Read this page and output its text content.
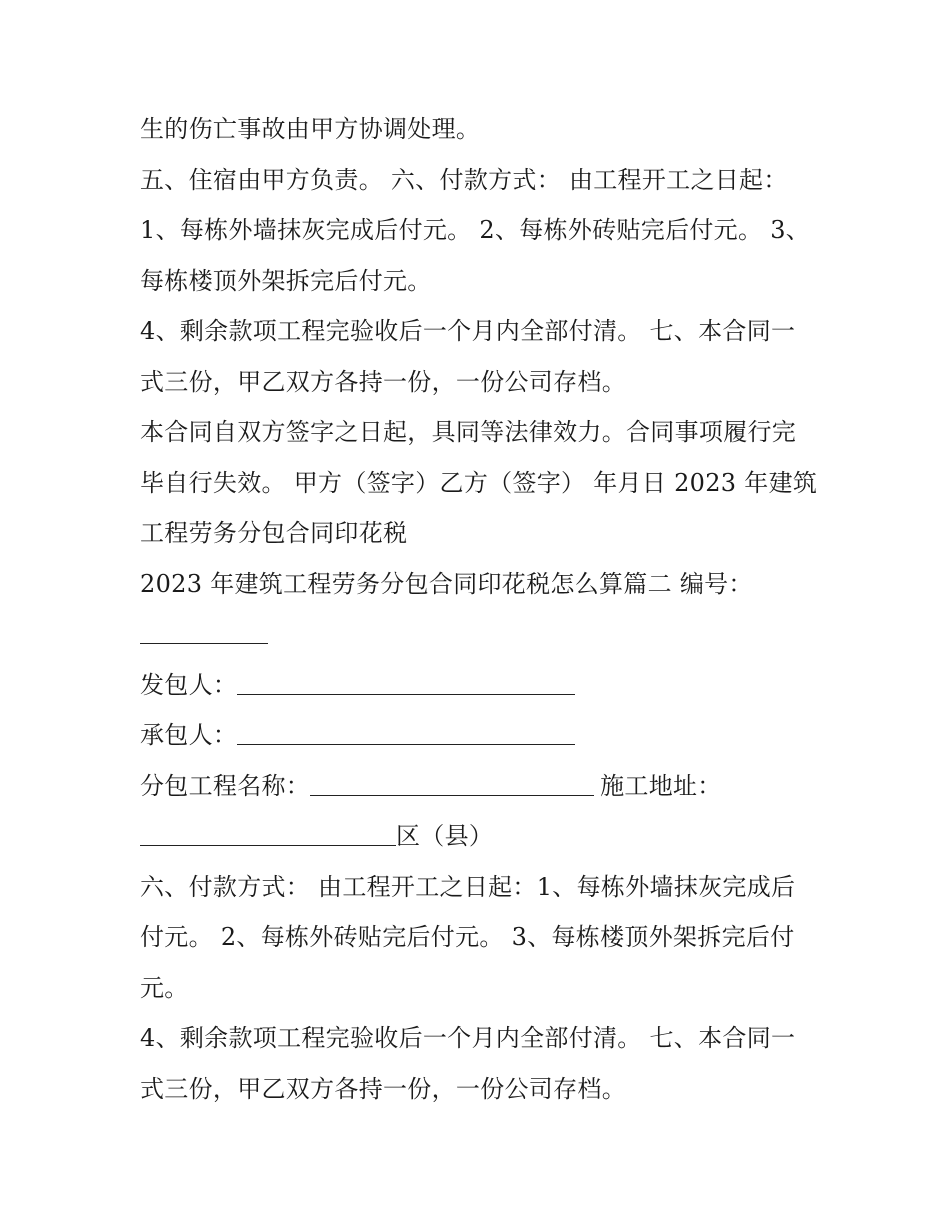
生的伤亡事故由甲方协调处理。
五、住宿由甲方负责。 六、付款方式： 由工程开工之日起：
1、每栋外墙抹灰完成后付元。 2、每栋外砖贴完后付元。 3、
每栋楼顶外架拆完后付元。
4、剩余款项工程完验收后一个月内全部付清。 七、本合同一
式三份，甲乙双方各持一份，一份公司存档。
本合同自双方签字之日起，具同等法律效力。合同事项履行完
毕自行失效。 甲方（签字）乙方（签字） 年月日 2023 年建筑
工程劳务分包合同印花税
2023 年建筑工程劳务分包合同印花税怎么算篇二 编号：
发包人：
承包人：
分包工程名称：	施工地址：
区（县）
六、付款方式： 由工程开工之日起：1、每栋外墙抹灰完成后
付元。 2、每栋外砖贴完后付元。 3、每栋楼顶外架拆完后付
元。
4、剩余款项工程完验收后一个月内全部付清。 七、本合同一
式三份，甲乙双方各持一份，一份公司存档。
